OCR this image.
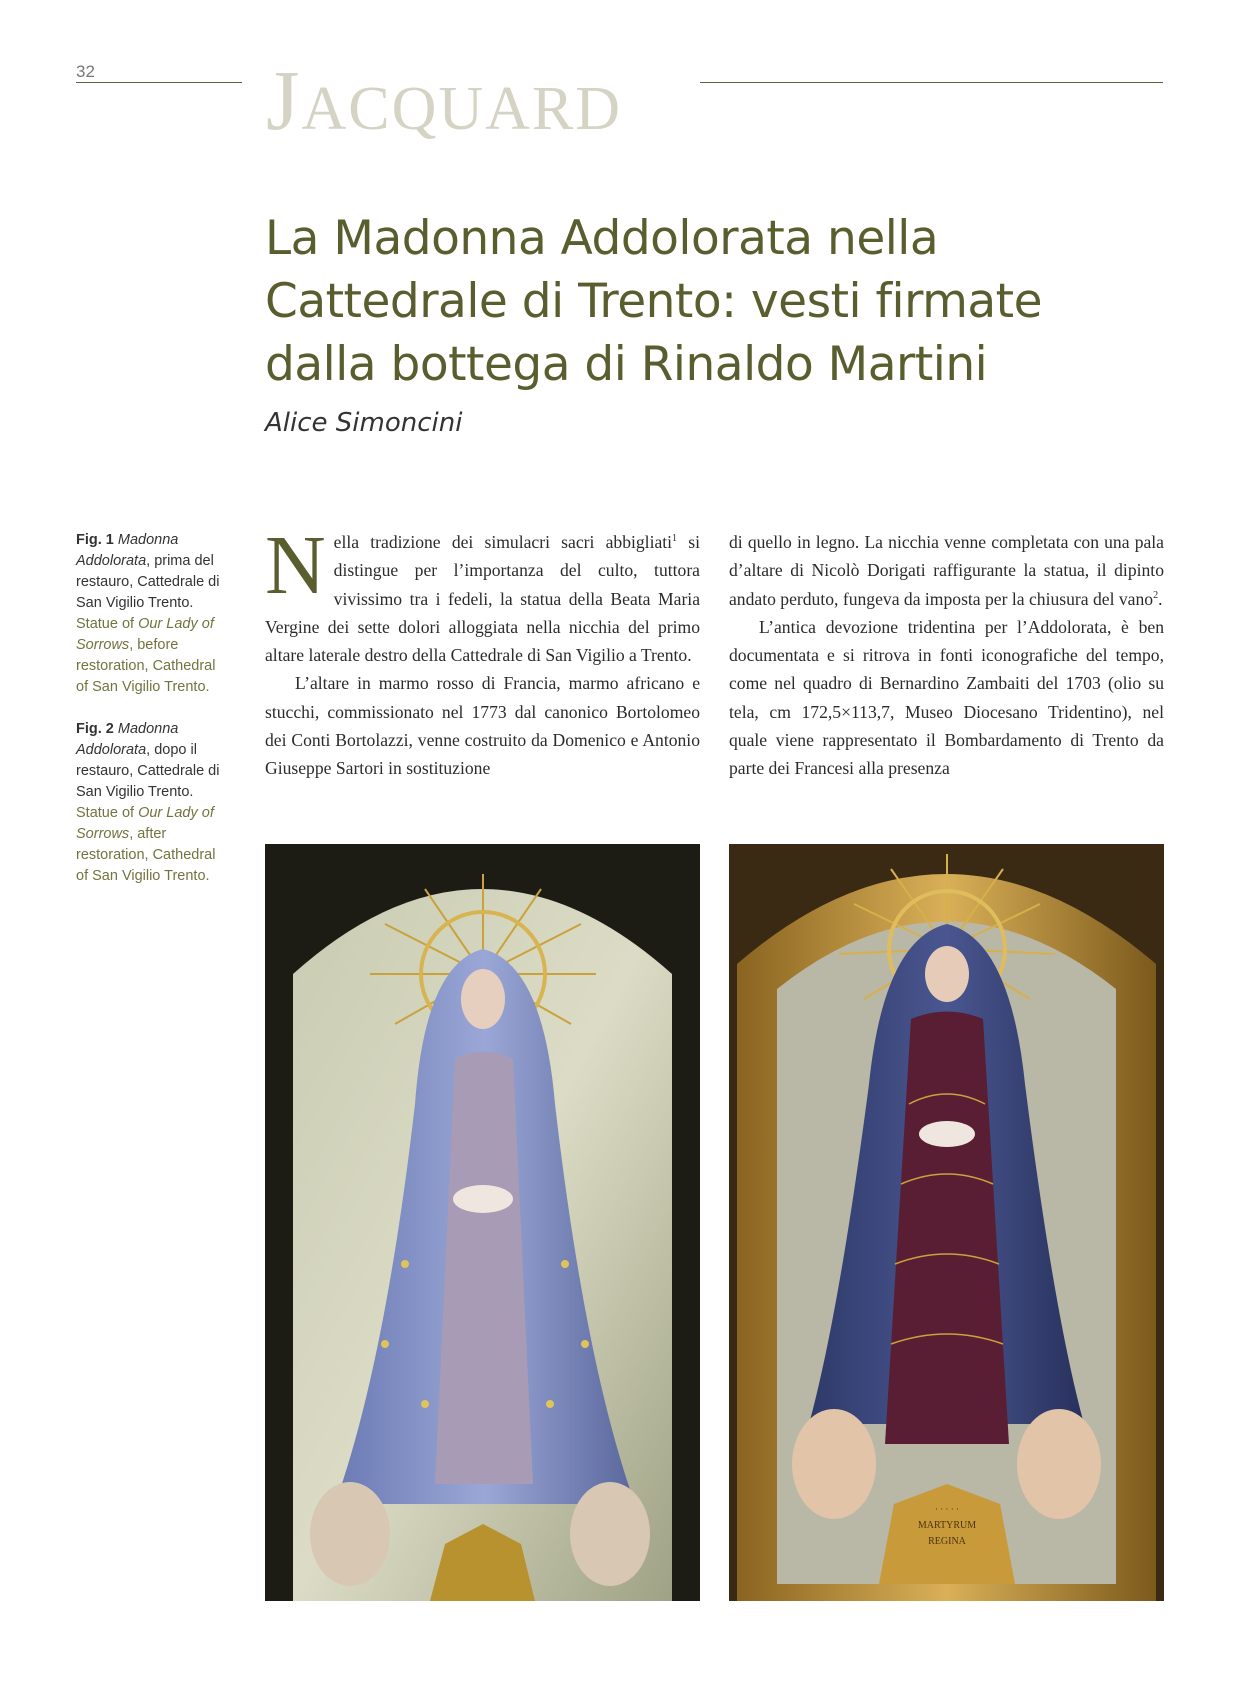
32 JACQUARD
La Madonna Addolorata nella Cattedrale di Trento: vesti firmate dalla bottega di Rinaldo Martini
Alice Simoncini

Fig. 1 Madonna Addolorata, prima del restauro, Cattedrale di San Vigilio Trento. Statue of Our Lady of Sorrows, before restoration, Cathedral of San Vigilio Trento.

Fig. 2 Madonna Addolorata, dopo il restauro, Cattedrale di San Vigilio Trento. Statue of Our Lady of Sorrows, after restoration, Cathedral of San Vigilio Trento.

Nella tradizione dei simulacri sacri abbigliati$^1$ si distingue per l’importanza del culto, tuttora vivissimo tra i fedeli, la statua della Beata Maria Vergine dei sette dolori alloggiata nella nicchia del primo altare laterale destro della Cattedrale di San Vigilio a Trento.

L’altare in marmo rosso di Francia, marmo africano e stucchi, commissionato nel 1773 dal canonico Bortolomeo dei Conti Bortolazzi, venne costruito da Domenico e Antonio Giuseppe Sartori in sostituzione

di quello in legno. La nicchia venne completata con una pala d’altare di Nicolò Dorigati raffigurante la statua, il dipinto andato perduto, fungeva da imposta per la chiusura del vano$^2$.

L’antica devozione tridentina per l’Addolorata, è ben documentata e si ritrova in fonti iconografiche del tempo, come nel quadro di Bernardino Zambaiti del 1703 (olio su tela, cm 172,5×113,7, Museo Diocesano Tridentino), nel quale viene rappresentato il Bombardamento di Trento da parte dei Francesi alla presenza

· · · · ·
MARTYRUM
REGINA
